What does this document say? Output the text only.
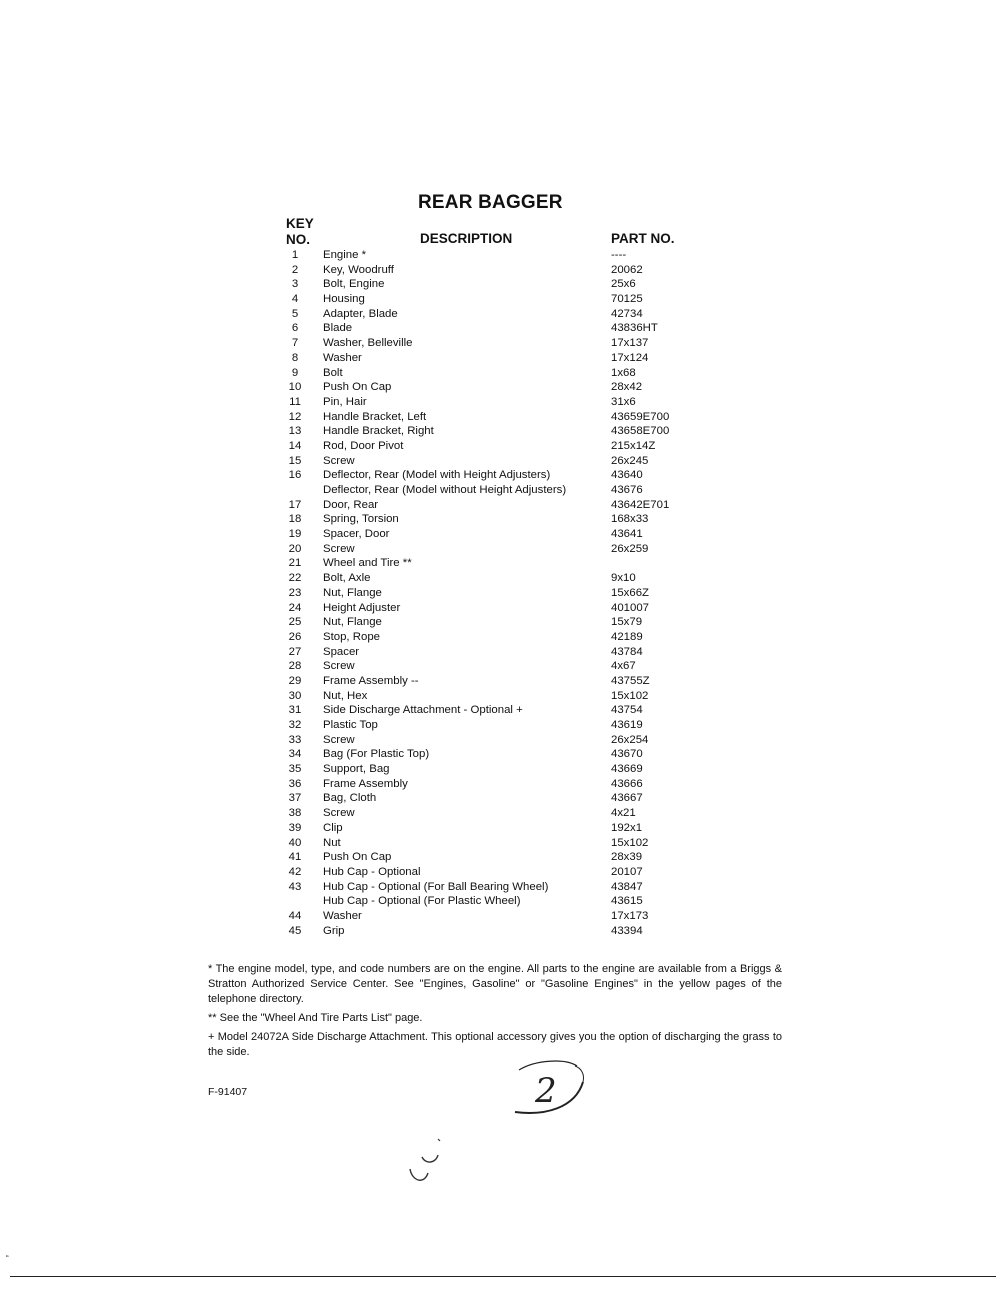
REAR BAGGER
KEY NO.	DESCRIPTION	PART NO.
1	Engine *	----
2	Key, Woodruff	20062
3	Bolt, Engine	25x6
4	Housing	70125
5	Adapter, Blade	42734
6	Blade	43836HT
7	Washer, Belleville	17x137
8	Washer	17x124
9	Bolt	1x68
10	Push On Cap	28x42
11	Pin, Hair	31x6
12	Handle Bracket, Left	43659E700
13	Handle Bracket, Right	43658E700
14	Rod, Door Pivot	215x14Z
15	Screw	26x245
16	Deflector, Rear (Model with Height Adjusters)	43640
Deflector, Rear (Model without Height Adjusters)	43676
17	Door, Rear	43642E701
18	Spring, Torsion	168x33
19	Spacer, Door	43641
20	Screw	26x259
21	Wheel and Tire **
22	Bolt, Axle	9x10
23	Nut, Flange	15x66Z
24	Height Adjuster	401007
25	Nut, Flange	15x79
26	Stop, Rope	42189
27	Spacer	43784
28	Screw	4x67
29	Frame Assembly --	43755Z
30	Nut, Hex	15x102
31	Side Discharge Attachment - Optional +	43754
32	Plastic Top	43619
33	Screw	26x254
34	Bag (For Plastic Top)	43670
35	Support, Bag	43669
36	Frame Assembly	43666
37	Bag, Cloth	43667
38	Screw	4x21
39	Clip	192x1
40	Nut	15x102
41	Push On Cap	28x39
42	Hub Cap - Optional	20107
43	Hub Cap - Optional (For Ball Bearing Wheel)	43847
Hub Cap - Optional (For Plastic Wheel)	43615
44	Washer	17x173
45	Grip	43394

* The engine model, type, and code numbers are on the engine. All parts to the engine are available from a Briggs & Stratton Authorized Service Center. See "Engines, Gasoline" or "Gasoline Engines" in the yellow pages of the telephone directory.

** See the "Wheel And Tire Parts List" page.

+ Model 24072A Side Discharge Attachment. This optional accessory gives you the option of discharging the grass to the side.

F-91407	2
“
